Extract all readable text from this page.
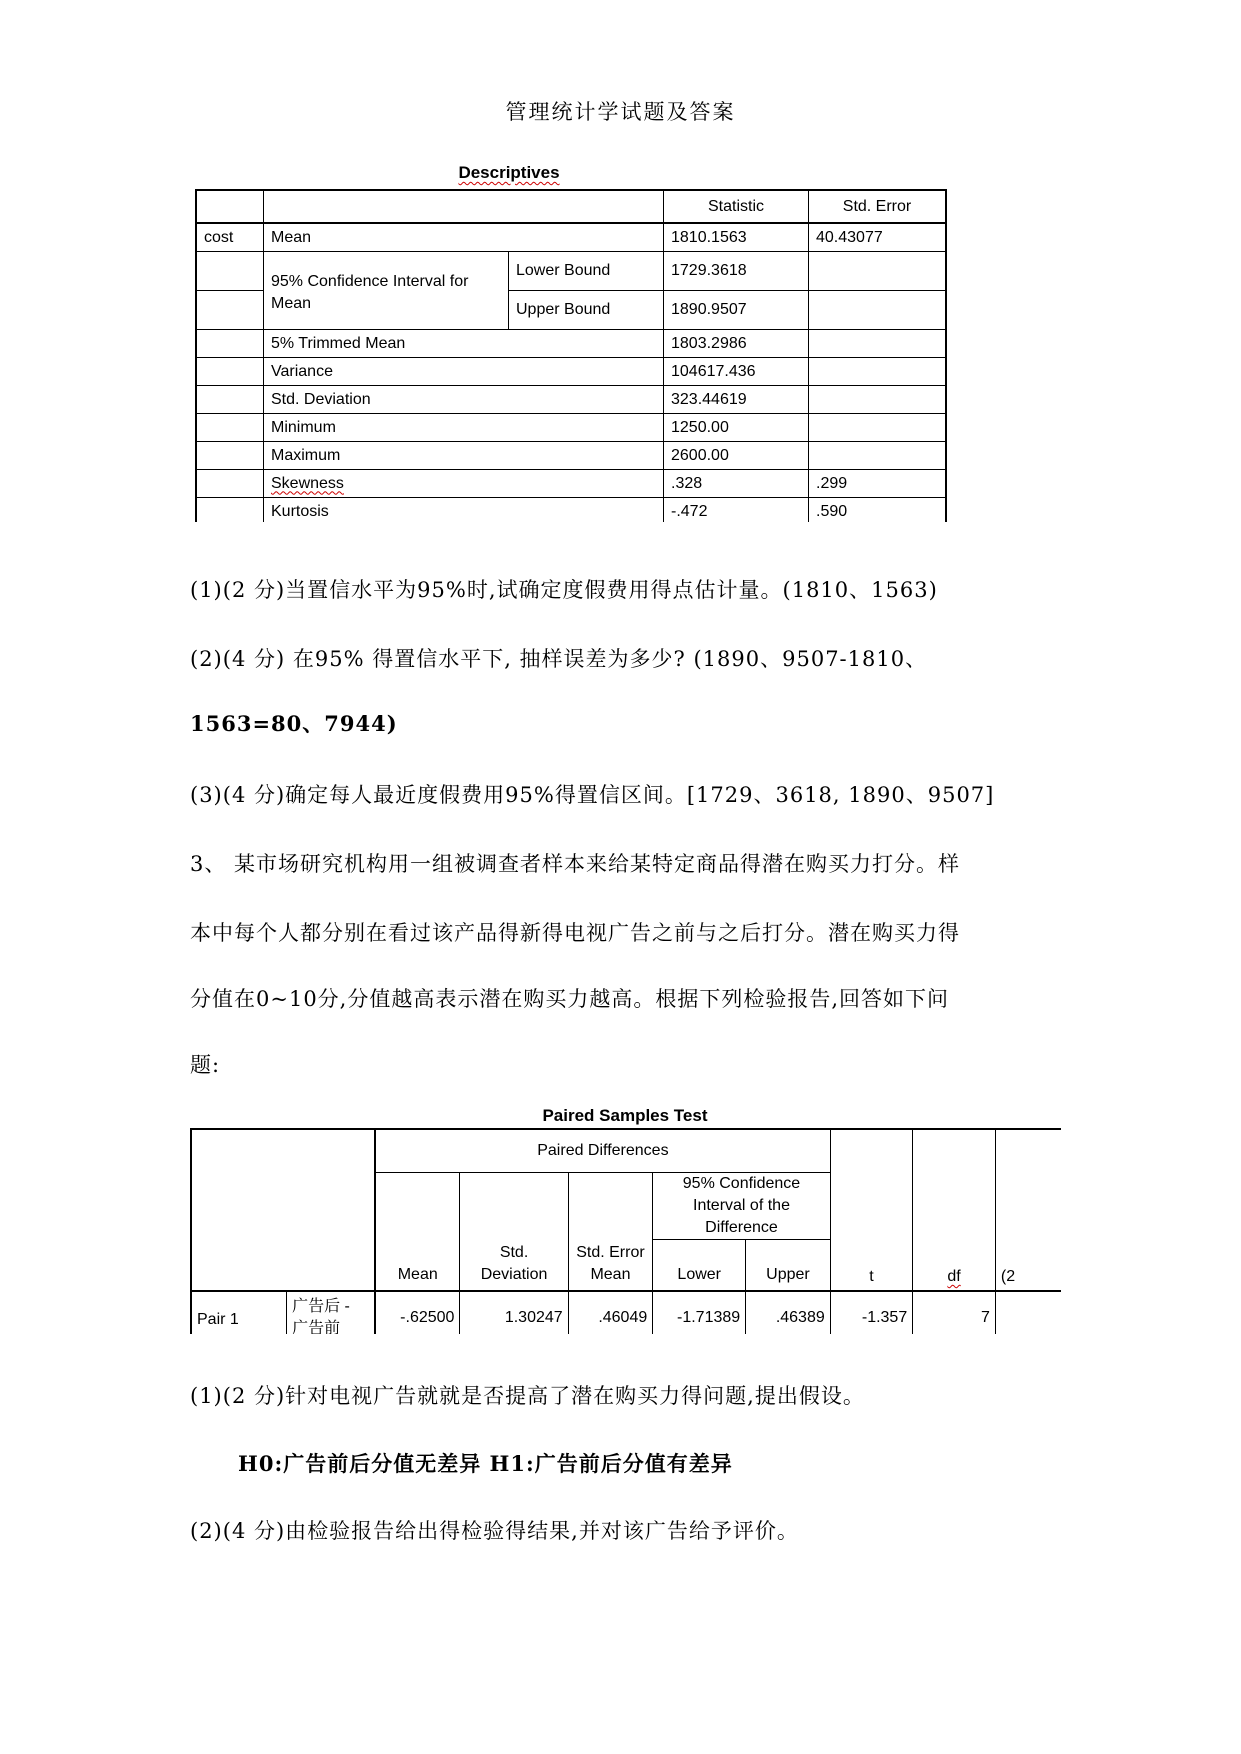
管理统计学试题及答案
Descriptives
			Statistic	Std. Error
cost	Mean		1810.1563	40.43077
	95% Confidence Interval for Mean	Lower Bound	1729.3618	
		Upper Bound	1890.9507	
	5% Trimmed Mean		1803.2986	
	Variance		104617.436	
	Std. Deviation		323.44619	
	Minimum		1250.00	
	Maximum		2600.00	
	Skewness		.328	.299
	Kurtosis		-.472	.590
(1)(2 分)当置信水平为95%时,试确定度假费用得点估计量。(1810、1563)
(2)(4 分) 在95% 得置信水平下, 抽样误差为多少? (1890、9507-1810、
1563=80、7944)
(3)(4 分)确定每人最近度假费用95%得置信区间。[1729、3618, 1890、9507]
3、 某市场研究机构用一组被调查者样本来给某特定商品得潜在购买力打分。样
本中每个人都分别在看过该产品得新得电视广告之前与之后打分。潜在购买力得
分值在0~10分,分值越高表示潜在购买力越高。根据下列检验报告,回答如下问
题:
Paired Samples Test
		Paired Differences					t	df	(2
		Mean	Std. Deviation	Std. Error Mean	95% Confidence Interval of the Difference				
					Lower	Upper			
Pair 1	广告后 - 广告前	-.62500	1.30247	.46049	-1.71389	.46389	-1.357	7	
(1)(2 分)针对电视广告就就是否提高了潜在购买力得问题,提出假设。
H0:广告前后分值无差异 H1:广告前后分值有差异
(2)(4 分)由检验报告给出得检验得结果,并对该广告给予评价。
